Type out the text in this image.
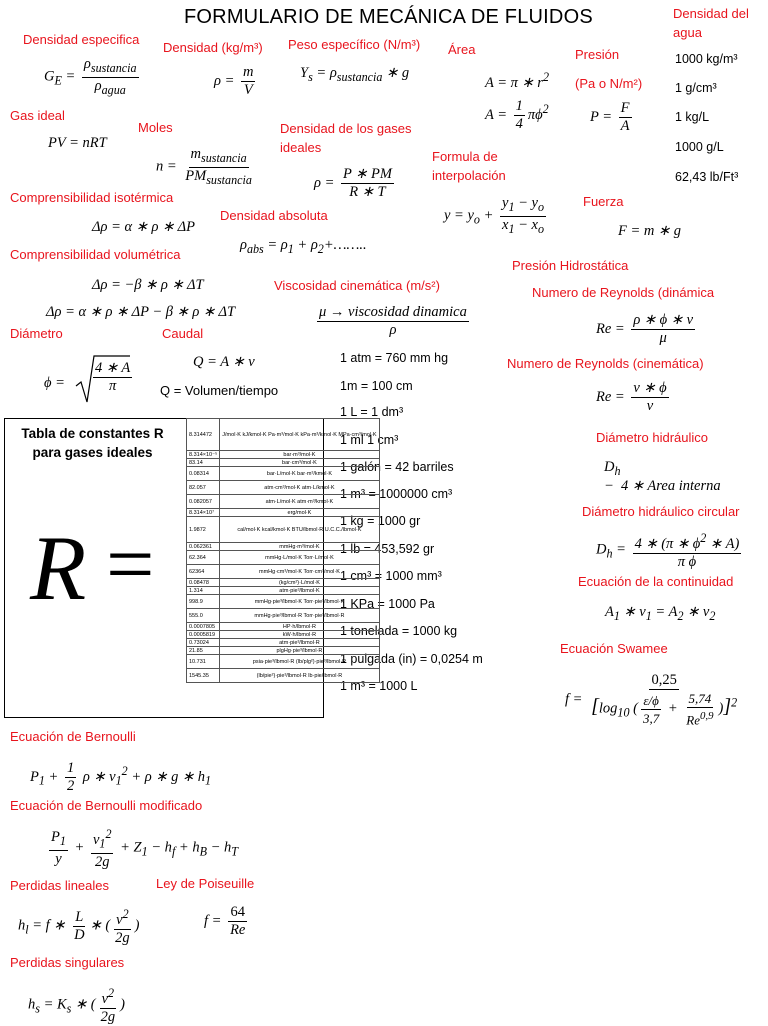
FORMULARIO DE MECÁNICA DE FLUIDOS	Densidad del agua
1000 kg/m³
1 g/cm³
1 kg/L
1000 g/L
62,43 lb/Ft³
Densidad especifica
Densidad (kg/m³) Peso específico (N/m³) Área	Presión
(Pa o N/m²)
$G_E = \frac{\rho_{sustancia}}{\rho_{agua}}$	$\rho = \frac{m}{V}$	$Y_s = \rho_{sustancia}$ ∗ g
A = π ∗ $r^2$
$A = \frac{1}{4} \pi\phi^2$	$P = \frac{F}{A}$
Gas ideal
Moles	Densidad de los gases ideales
Formula de interpolación
PV = nRT
$n = \frac{m_{sustancia}}{PM_{sustancia}}$	$\rho = \frac{P ∗ PM}{R ∗ T}$
$y = y_o + \frac{y_1 - y_o}{x_1 - x_o}$	Fuerza
F = m ∗ g
Comprensibilidad isotérmica
Δρ = α ∗ ρ ∗ ΔP
Densidad absoluta
$\rho_{abs} = \rho_1$ + $\rho_2+\dots\dots$..
Comprensibilidad volumétrica
Δρ = −β ∗ ρ ∗ ΔT
Δρ = α ∗ ρ ∗ ΔP − β ∗ ρ ∗ ΔT
Viscosidad cinemática (m/s²)
$\frac{\text{μ → viscosidad dinamica}}{\rho}$
Presión Hidrostática
Numero de Reynolds (dinámica
$Re = \frac{\rho ∗ \phi ∗ v}{\mu}$
Numero de Reynolds (cinemática)
$Re = \frac{v ∗ \phi}{\nu}$
Diámetro	Caudal
$\phi = \frac{4 ∗ A}{\pi}$	Q = A ∗ v
Q = Volumen/tiempo
1 atm = 760 mm hg
1m = 100 cm
1 L = 1 dm³
1 ml 1 cm³
1 galón = 42 barriles
1 m³ = 1000000 cm³
1 kg = 1000 gr
1 lb = 453,592 gr
1 cm³ = 1000 mm³
1 KPa = 1000 Pa
1 tonelada = 1000 kg
1 pulgada (in) = 0,0254 m
1 m³ = 1000 L
Diámetro hidráulico
$D_h$
−  4 ∗ Area interna
Diámetro hidráulico circular
$D_h = \frac{4 ∗ (\pi ∗ \phi^2 ∗ A)}{\text{π ϕ}}$
Ecuación de la continuidad
$A_1$ ∗ $v_1 = A_2$ ∗ $v_2$
Ecuación Swamee
$f = \frac{0,25}{[\log_{10} ( \frac{\varepsilon/\phi}{3,7} + \frac{5,74}{Re^{0,9}} )]^2}$
Tabla de constantes R para gases ideales
R =
8.314472	J/mol·K kJ/kmol·K Pa·m³/mol·K kPa·m³/kmol·K MPa·cm³/mol·K
8.314×10⁻⁵	bar·m³/mol·K
83.14	bar·cm³/mol·K
0.08314	bar·L/mol·K bar·m³/kmol·K
82.057	atm·cm³/mol·K atm·L/kmol·K
0.082057	atm·L/mol·K atm·m³/kmol·K
8.314×10⁷	erg/mol·K
1.9872	cal/mol·K kcal/kmol·K BTU/lbmol·R U.C.C./lbmol·K
0.062361	mmHg·m³/mol·K
62.364	mmHg·L/mol·K Torr·L/mol·K
62364	mmHg·cm³/mol·K Torr·cm³/mol·K
0.08478	(kg/cm²)·L/mol·K
1.314	atm·pie³/lbmol·K
998.9	mmHg·pie³/lbmol·K Torr·pie³/lbmol·K
555.0	mmHg·pie³/lbmol·R Torr·pie³/lbmol·R
0.0007805	HP·h/lbmol·R
0.0005819	kW·h/lbmol·R
0.73024	atm·pie³/lbmol·R
21.85	plgHg·pie³/lbmol·R
10.731	psia·pie³/lbmol·R (lb/plg²)·pie³/lbmol·R
1545.35	(lb/pie²)·pie³/lbmol·R lb·pie/lbmol·R
Ecuación de Bernoulli
$P_1 + \frac{1}{2}$ ρ ∗ $v_1^2 + \rho$ ∗ g ∗ $h_1$
Ecuación de Bernoulli modificado
$\frac{P_1}{y} + \frac{v_1^2}{2g} + Z_1 - h_f + h_B - h_T$
Perdidas lineales	Ley de Poiseuille
$h_l = f$ ∗ $\frac{L}{D}$ ∗ ( $\frac{v^2}{2g}$ )	$f = \frac{64}{Re}$
Perdidas singulares
$h_s = K_s$ ∗ ( $\frac{v^2}{2g}$ )
